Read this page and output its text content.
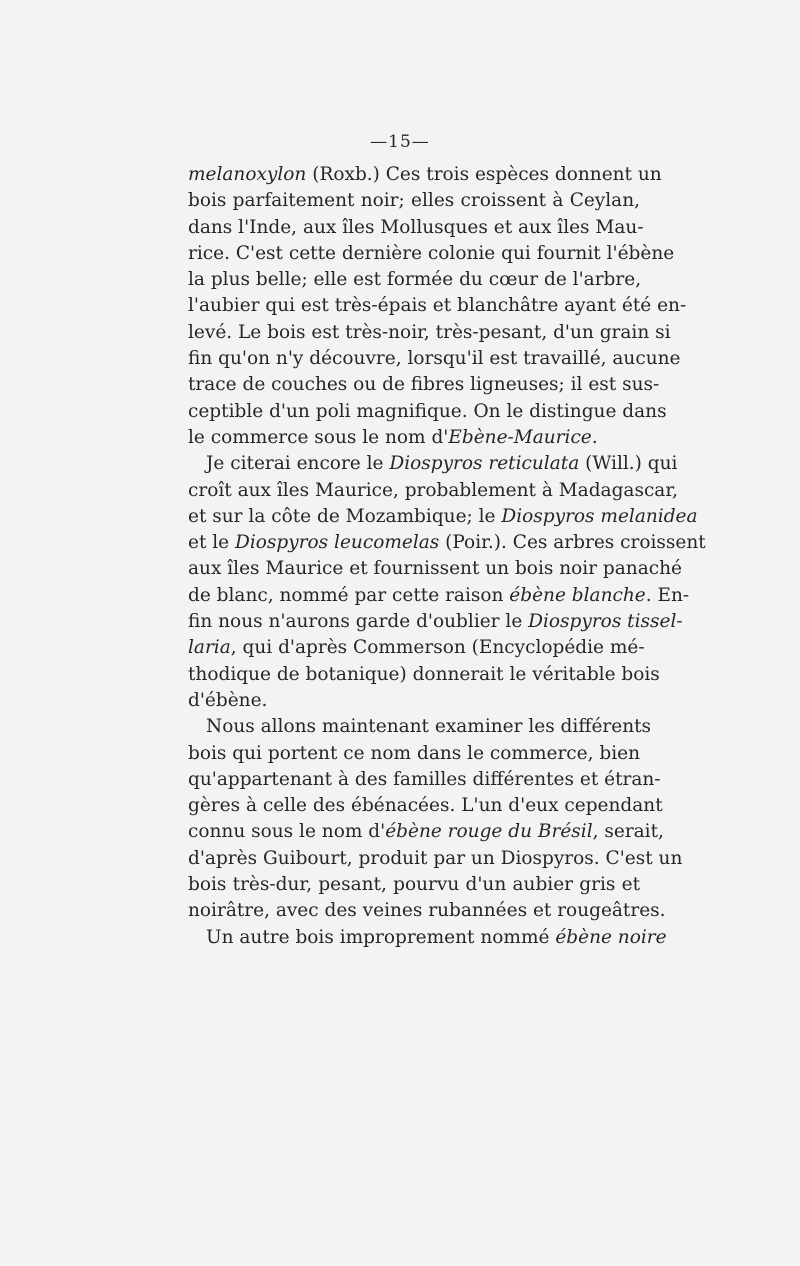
—15—
melanoxylon (Roxb.) Ces trois espèces donnent un
bois parfaitement noir; elles croissent à Ceylan,
dans l'Inde, aux îles Mollusques et aux îles Mau-
rice. C'est cette dernière colonie qui fournit l'ébène
la plus belle; elle est formée du cœur de l'arbre,
l'aubier qui est très-épais et blanchâtre ayant été en-
levé. Le bois est très-noir, très-pesant, d'un grain si
fin qu'on n'y découvre, lorsqu'il est travaillé, aucune
trace de couches ou de fibres ligneuses; il est sus-
ceptible d'un poli magnifique. On le distingue dans
le commerce sous le nom d'Ebène-Maurice.
Je citerai encore le Diospyros reticulata (Will.) qui
croît aux îles Maurice, probablement à Madagascar,
et sur la côte de Mozambique; le Diospyros melanidea
et le Diospyros leucomelas (Poir.). Ces arbres croissent
aux îles Maurice et fournissent un bois noir panaché
de blanc, nommé par cette raison ébène blanche. En-
fin nous n'aurons garde d'oublier le Diospyros tissel-
laria, qui d'après Commerson (Encyclopédie mé-
thodique de botanique) donnerait le véritable bois
d'ébène.
Nous allons maintenant examiner les différents
bois qui portent ce nom dans le commerce, bien
qu'appartenant à des familles différentes et étran-
gères à celle des ébénacées. L'un d'eux cependant
connu sous le nom d'ébène rouge du Brésil, serait,
d'après Guibourt, produit par un Diospyros. C'est un
bois très-dur, pesant, pourvu d'un aubier gris et
noirâtre, avec des veines rubannées et rougeâtres.
Un autre bois improprement nommé ébène noire
